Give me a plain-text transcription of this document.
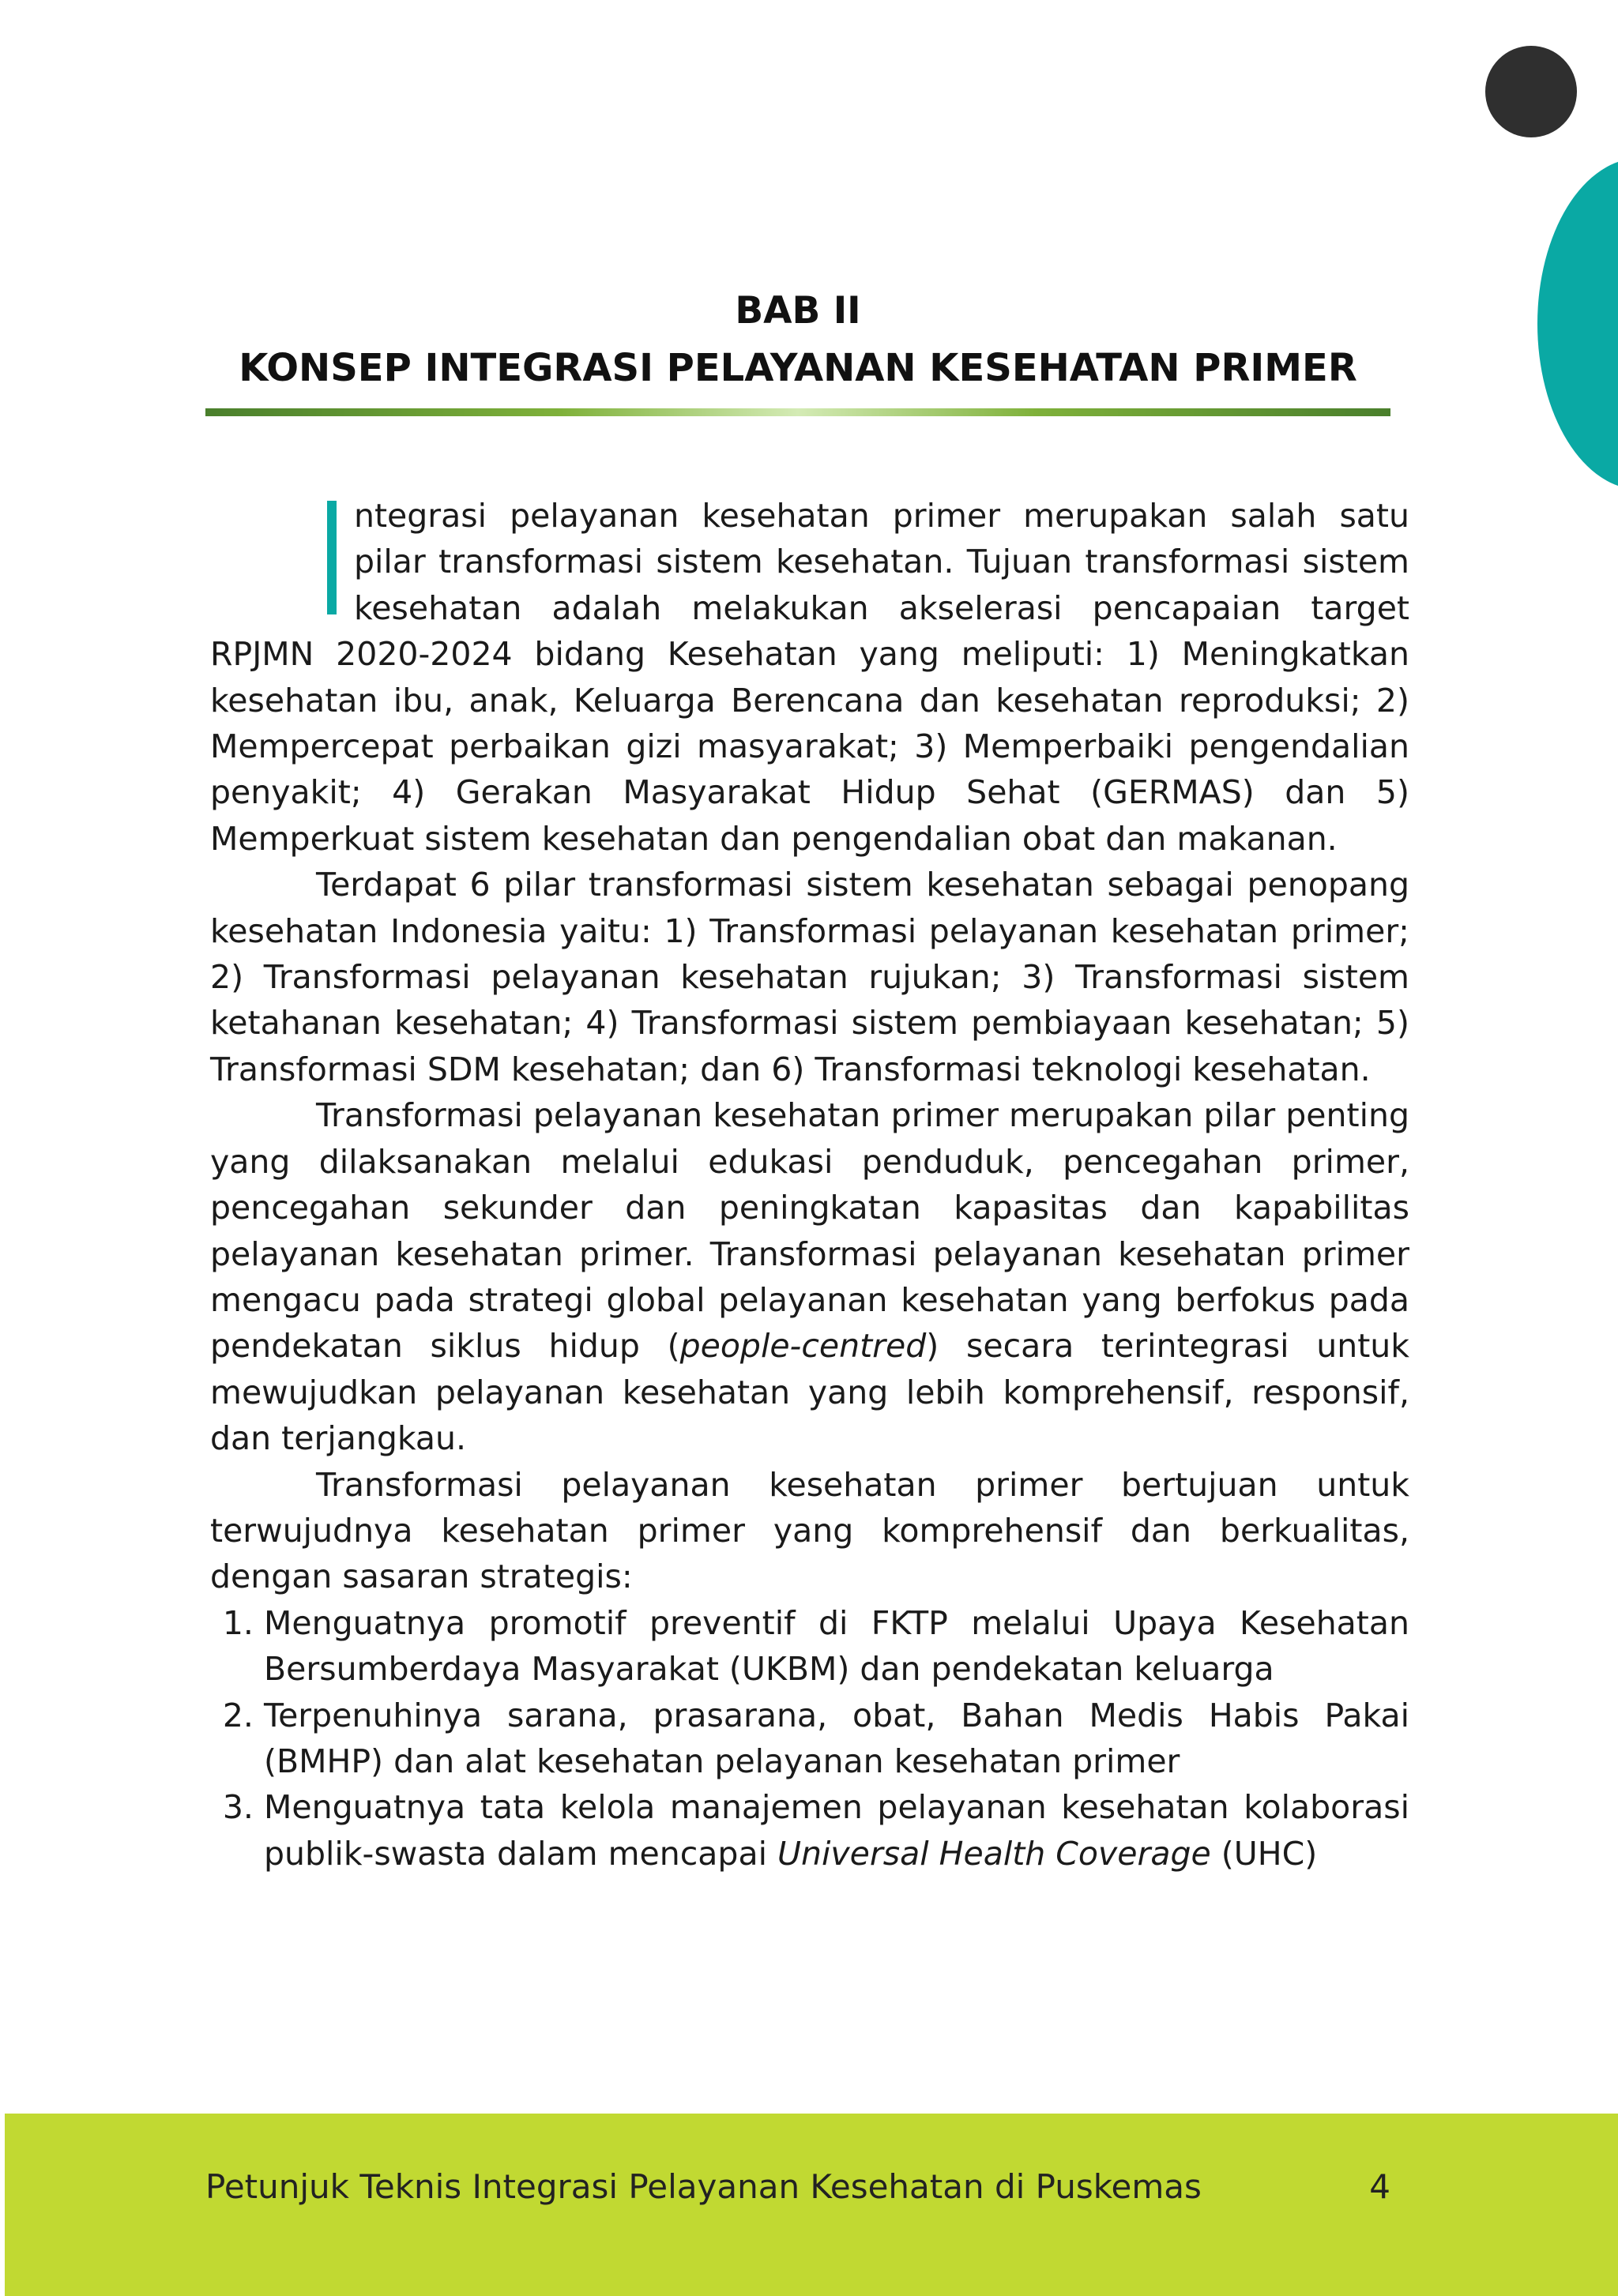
BAB II
KONSEP INTEGRASI PELAYANAN KESEHATAN PRIMER

ntegrasi pelayanan kesehatan primer merupakan salah satu pilar transformasi sistem kesehatan. Tujuan transformasi sistem kesehatan adalah melakukan akselerasi pencapaian target RPJMN 2020-2024 bidang Kesehatan yang meliputi: 1) Meningkatkan kesehatan ibu, anak, Keluarga Berencana dan kesehatan reproduksi; 2) Mempercepat perbaikan gizi masyarakat; 3) Memperbaiki pengendalian penyakit; 4) Gerakan Masyarakat Hidup Sehat (GERMAS) dan 5) Memperkuat sistem kesehatan dan pengendalian obat dan makanan.

Terdapat 6 pilar transformasi sistem kesehatan sebagai penopang kesehatan Indonesia yaitu: 1) Transformasi pelayanan kesehatan primer; 2) Transformasi pelayanan kesehatan rujukan; 3) Transformasi sistem ketahanan kesehatan; 4) Transformasi sistem pembiayaan kesehatan; 5) Transformasi SDM kesehatan; dan 6) Transformasi teknologi kesehatan.

Transformasi pelayanan kesehatan primer merupakan pilar penting yang dilaksanakan melalui edukasi penduduk, pencegahan primer, pencegahan sekunder dan peningkatan kapasitas dan kapabilitas pelayanan kesehatan primer. Transformasi pelayanan kesehatan primer mengacu pada strategi global pelayanan kesehatan yang berfokus pada pendekatan siklus hidup (people-centred) secara terintegrasi untuk mewujudkan pelayanan kesehatan yang lebih komprehensif, responsif, dan terjangkau.

Transformasi pelayanan kesehatan primer bertujuan untuk terwujudnya kesehatan primer yang komprehensif dan berkualitas, dengan sasaran strategis:

1. Menguatnya promotif preventif di FKTP melalui Upaya Kesehatan Bersumberdaya Masyarakat (UKBM) dan pendekatan keluarga
2. Terpenuhinya sarana, prasarana, obat, Bahan Medis Habis Pakai (BMHP) dan alat kesehatan pelayanan kesehatan primer
3. Menguatnya tata kelola manajemen pelayanan kesehatan kolaborasi publik-swasta dalam mencapai Universal Health Coverage (UHC)
Petunjuk Teknis Integrasi Pelayanan Kesehatan di Puskemas	4
